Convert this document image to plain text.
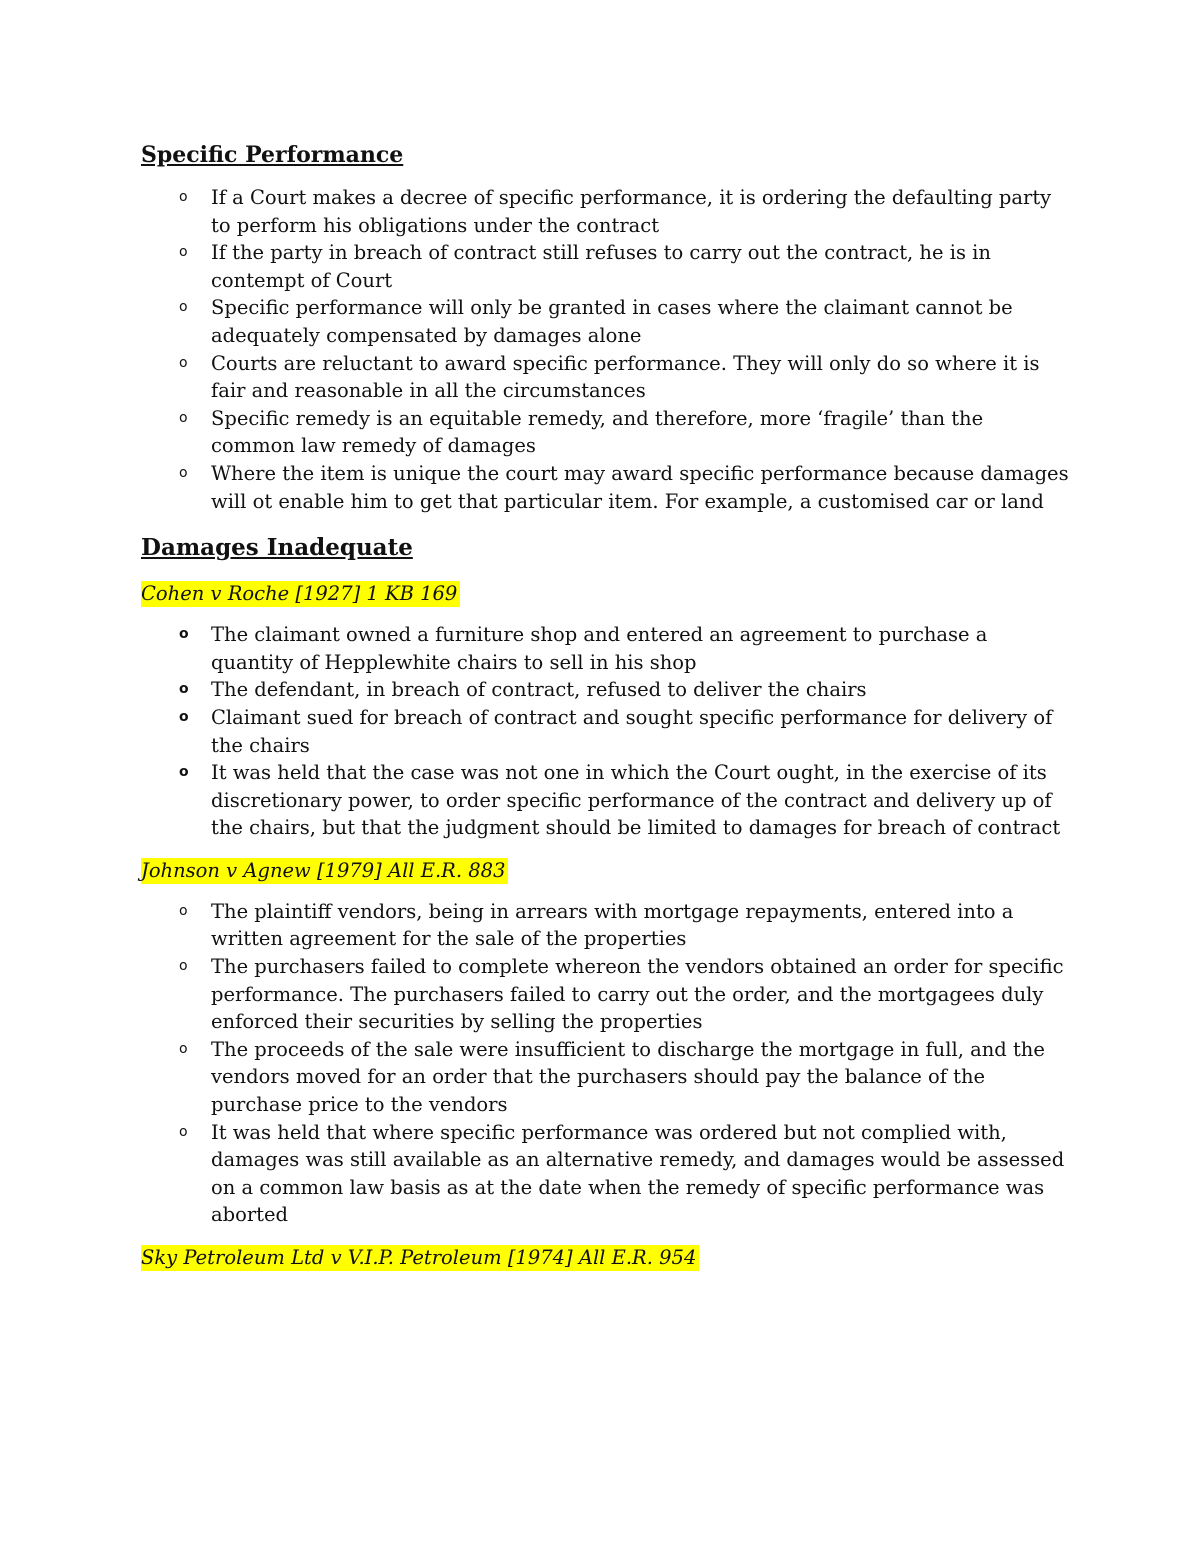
Specific Performance
o If a Court makes a decree of specific performance, it is ordering the defaulting party to perform his obligations under the contract
o If the party in breach of contract still refuses to carry out the contract, he is in contempt of Court
o Specific performance will only be granted in cases where the claimant cannot be adequately compensated by damages alone
o Courts are reluctant to award specific performance. They will only do so where it is fair and reasonable in all the circumstances
o Specific remedy is an equitable remedy, and therefore, more ‘fragile’ than the common law remedy of damages
o Where the item is unique the court may award specific performance because damages will ot enable him to get that particular item. For example, a customised car or land
Damages Inadequate
Cohen v Roche [1927] 1 KB 169
o The claimant owned a furniture shop and entered an agreement to purchase a quantity of Hepplewhite chairs to sell in his shop
o The defendant, in breach of contract, refused to deliver the chairs
o Claimant sued for breach of contract and sought specific performance for delivery of the chairs
o It was held that the case was not one in which the Court ought, in the exercise of its discretionary power, to order specific performance of the contract and delivery up of the chairs, but that the judgment should be limited to damages for breach of contract
Johnson v Agnew [1979] All E.R. 883
o The plaintiff vendors, being in arrears with mortgage repayments, entered into a written agreement for the sale of the properties
o The purchasers failed to complete whereon the vendors obtained an order for specific performance. The purchasers failed to carry out the order, and the mortgagees duly enforced their securities by selling the properties
o The proceeds of the sale were insufficient to discharge the mortgage in full, and the vendors moved for an order that the purchasers should pay the balance of the purchase price to the vendors
o It was held that where specific performance was ordered but not complied with, damages was still available as an alternative remedy, and damages would be assessed on a common law basis as at the date when the remedy of specific performance was aborted
Sky Petroleum Ltd v V.I.P. Petroleum [1974] All E.R. 954
